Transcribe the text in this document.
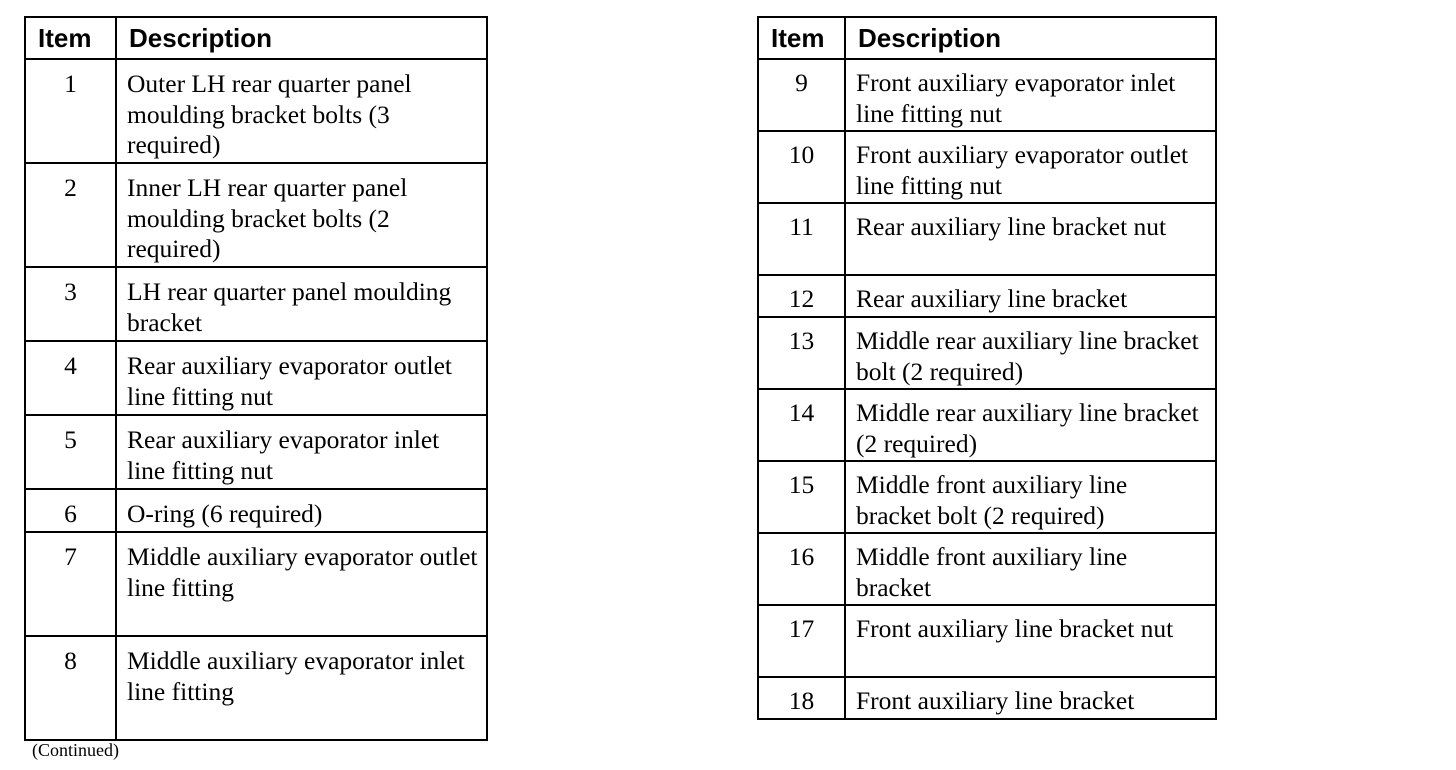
Item	Description
1	Outer LH rear quarter panel moulding bracket bolts (3 required)
2	Inner LH rear quarter panel moulding bracket bolts (2 required)
3	LH rear quarter panel moulding bracket
4	Rear auxiliary evaporator outlet line fitting nut
5	Rear auxiliary evaporator inlet line fitting nut
6	O-ring (6 required)
7	Middle auxiliary evaporator outlet line fitting
8	Middle auxiliary evaporator inlet line fitting
(Continued)
Item	Description
9	Front auxiliary evaporator inlet line fitting nut
10	Front auxiliary evaporator outlet line fitting nut
11	Rear auxiliary line bracket nut
12	Rear auxiliary line bracket
13	Middle rear auxiliary line bracket bolt (2 required)
14	Middle rear auxiliary line bracket (2 required)
15	Middle front auxiliary line bracket bolt (2 required)
16	Middle front auxiliary line bracket
17	Front auxiliary line bracket nut
18	Front auxiliary line bracket
